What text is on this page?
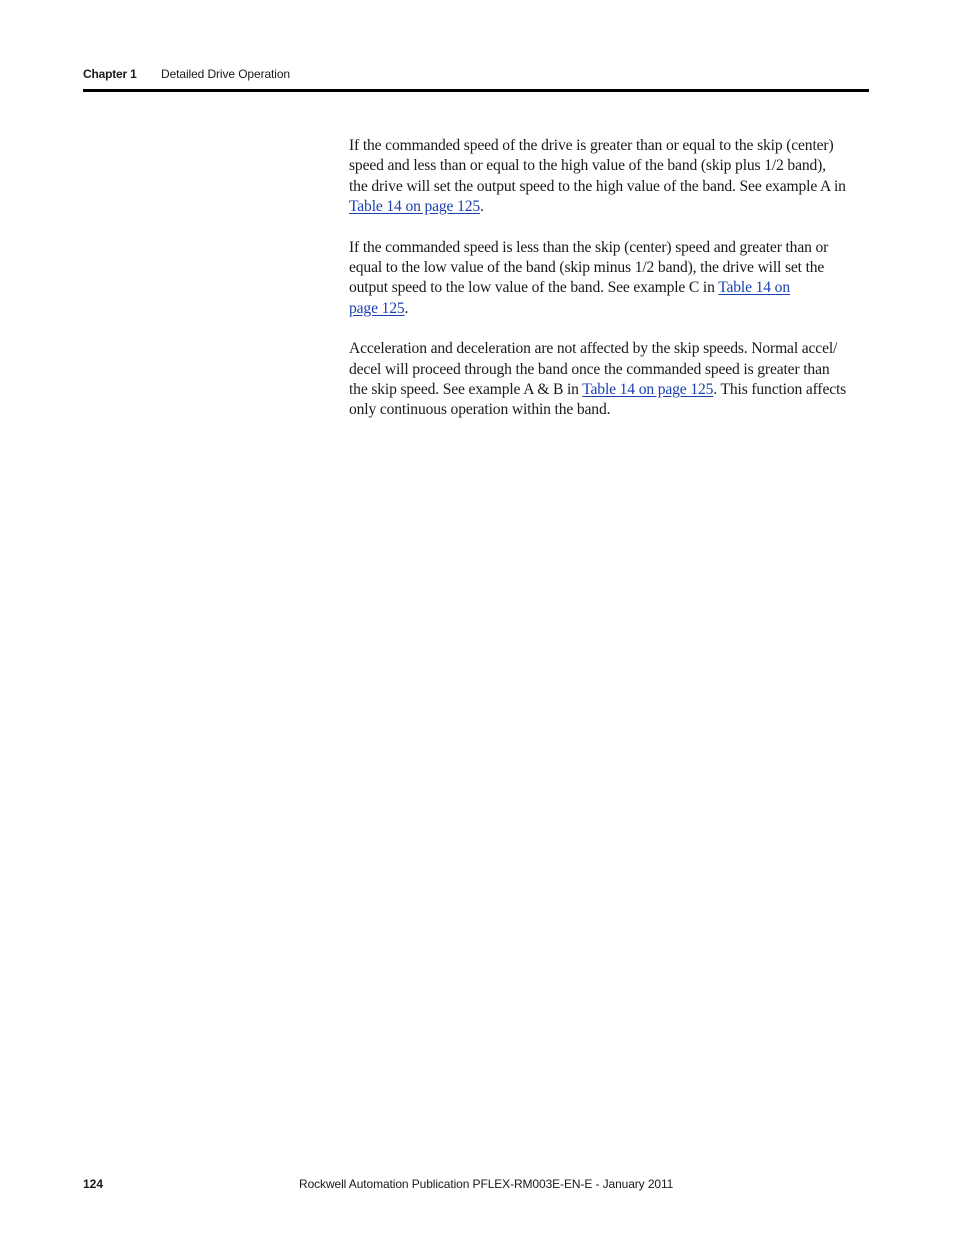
Chapter 1 Detailed Drive Operation

If the commanded speed of the drive is greater than or equal to the skip (center)
speed and less than or equal to the high value of the band (skip plus 1/2 band),
the drive will set the output speed to the high value of the band. See example A in
Table 14 on page 125.

If the commanded speed is less than the skip (center) speed and greater than or
equal to the low value of the band (skip minus 1/2 band), the drive will set the
output speed to the low value of the band. See example C in Table 14 on
page 125.

Acceleration and deceleration are not affected by the skip speeds. Normal accel/
decel will proceed through the band once the commanded speed is greater than
the skip speed. See example A & B in Table 14 on page 125. This function affects
only continuous operation within the band.

124	Rockwell Automation Publication PFLEX-RM003E-EN-E - January 2011
